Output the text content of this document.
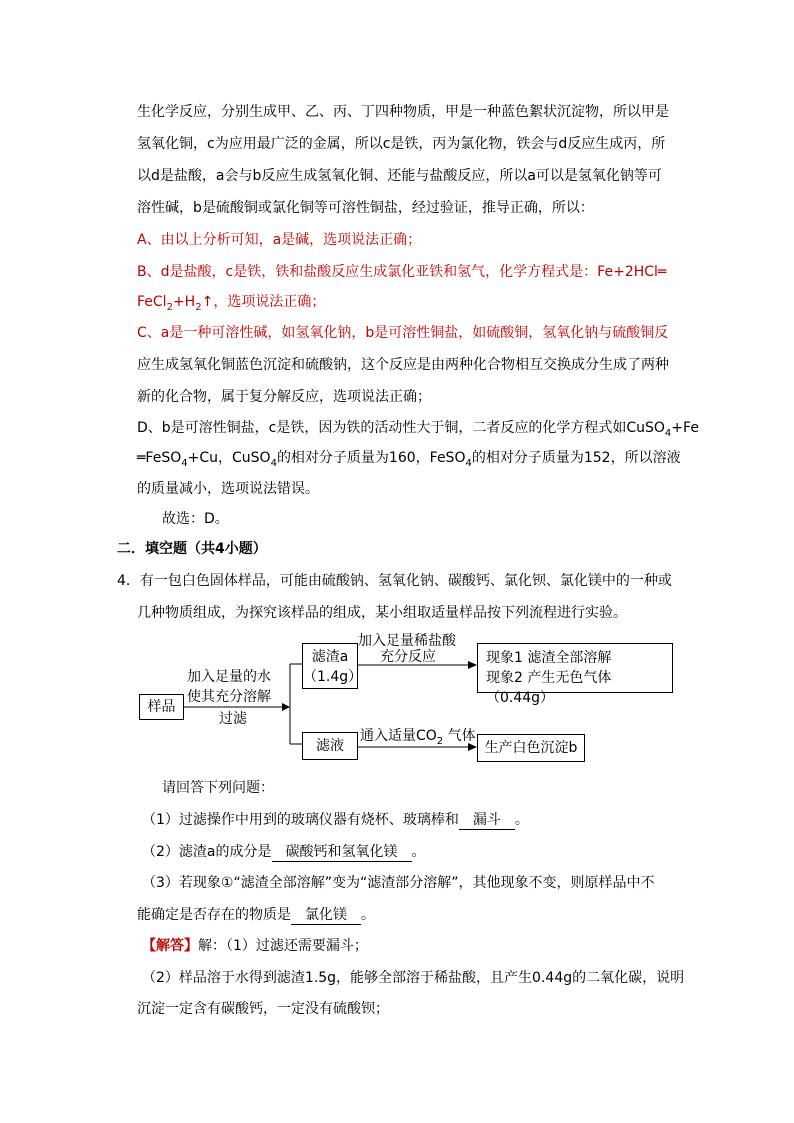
生化学反应，分别生成甲、乙、丙、丁四种物质，甲是一种蓝色絮状沉淀物，所以甲是
氢氧化铜，c为应用最广泛的金属，所以c是铁，丙为氯化物，铁会与d反应生成丙，所
以d是盐酸，a会与b反应生成氢氧化铜、还能与盐酸反应，所以a可以是氢氧化钠等可
溶性碱，b是硫酸铜或氯化铜等可溶性铜盐，经过验证，推导正确，所以：
A、由以上分析可知，a是碱，选项说法正确；
B、d是盐酸，c是铁，铁和盐酸反应生成氯化亚铁和氢气，化学方程式是：Fe+2HCl═
$FeCl_2+H_2↑$，选项说法正确；
C、a是一种可溶性碱，如氢氧化钠，b是可溶性铜盐，如硫酸铜，氢氧化钠与硫酸铜反
应生成氢氧化铜蓝色沉淀和硫酸钠，这个反应是由两种化合物相互交换成分生成了两种
新的化合物，属于复分解反应，选项说法正确；
D、b是可溶性铜盐，c是铁，因为铁的活动性大于铜，二者反应的化学方程式如CuSO$_4$+Fe
═FeSO$_4$+Cu，CuSO$_4$的相对分子质量为160，FeSO$_4$的相对分子质量为152，所以溶液
的质量减小，选项说法错误。
故选：D。
二．填空题（共4小题）
4．有一包白色固体样品，可能由硫酸钠、氢氧化钠、碳酸钙、氯化钡、氯化镁中的一种或
几种物质组成，为探究该样品的组成，某小组取适量样品按下列流程进行实验。
样品
加入足量的水
使其充分溶解
过滤
滤渣a
（1.4g）
加入足量稀盐酸
充分反应	现象1 滤渣全部溶解
现象2 产生无色气体（0.44g）
滤液
通入适量$CO_2$ 气体
生产白色沉淀b
请回答下列问题：
（1）过滤操作中用到的玻璃仪器有烧杯、玻璃棒和 漏斗 。
（2）滤渣a的成分是 碳酸钙和氢氧化镁 。
（3）若现象①“滤渣全部溶解”变为“滤渣部分溶解”，其他现象不变，则原样品中不
能确定是否存在的物质是 氯化镁 。
【解答】解：（1）过滤还需要漏斗；
（2）样品溶于水得到滤渣1.5g，能够全部溶于稀盐酸，且产生0.44g的二氧化碳，说明
沉淀一定含有碳酸钙，一定没有硫酸钡；
